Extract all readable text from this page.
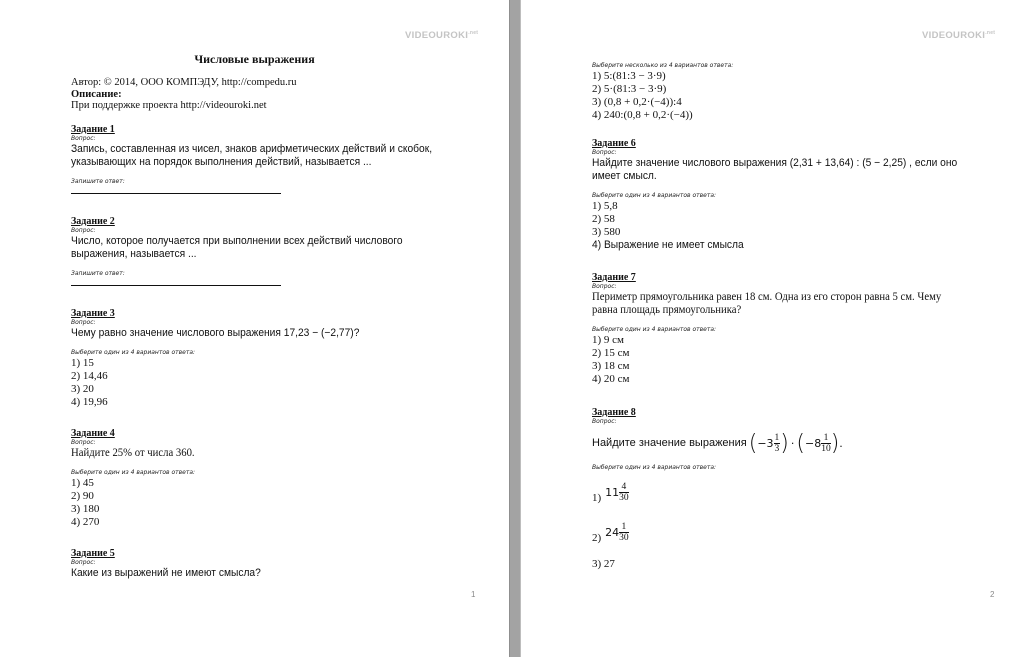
$VIDEOUROKI^{.net}$
Числовые выражения
Автор: © 2014, ООО КОМПЭДУ, http://compedu.ru
Описание:
При поддержке проекта http://videouroki.net
Задание 1
Вопрос:
Запись, составленная из чисел, знаков арифметических действий и скобок,
указывающих на порядок выполнения действий, называется ...
Запишите ответ:
Задание 2
Вопрос:
Число, которое получается при выполнении всех действий числового
выражения, называется ...
Запишите ответ:
Задание 3
Вопрос:
Чему равно значение числового выражения 17,23 − (−2,77)?
Выберите один из 4 вариантов ответа:
1) 15
2) 14,46
3) 20
4) 19,96
Задание 4
Вопрос:
Найдите 25% от числа 360.
Выберите один из 4 вариантов ответа:
1) 45
2) 90
3) 180
4) 270
Задание 5
Вопрос:
Какие из выражений не имеют смысла?
1
$VIDEOUROKI^{.net}$
Выберите несколько из 4 вариантов ответа:
1) 5:(81:3 − 3·9)
2) 5·(81:3 − 3·9)
3) (0,8 + 0,2·(−4)):4
4) 240:(0,8 + 0,2·(−4))
Задание 6
Вопрос:
Найдите значение числового выражения (2,31 + 13,64) : (5 − 2,25) , если оно
имеет смысл.
Выберите один из 4 вариантов ответа:
1) 5,8
2) 58
3) 580
4) Выражение не имеет смысла
Задание 7
Вопрос:
Периметр прямоугольника равен 18 см. Одна из его сторон равна 5 см. Чему
равна площадь прямоугольника?
Выберите один из 4 вариантов ответа:
1) 9 см
2) 15 см
3) 18 см
4) 20 см
Задание 8
Вопрос:
Найдите значение выражения ( $-3 \frac{1}{3}$ ) · ( $-8 \frac{1}{10}$ ) .
Выберите один из 4 вариантов ответа:
1) $11 \frac{4}{30}$
2) $24 \frac{1}{30}$
3) 27
2
